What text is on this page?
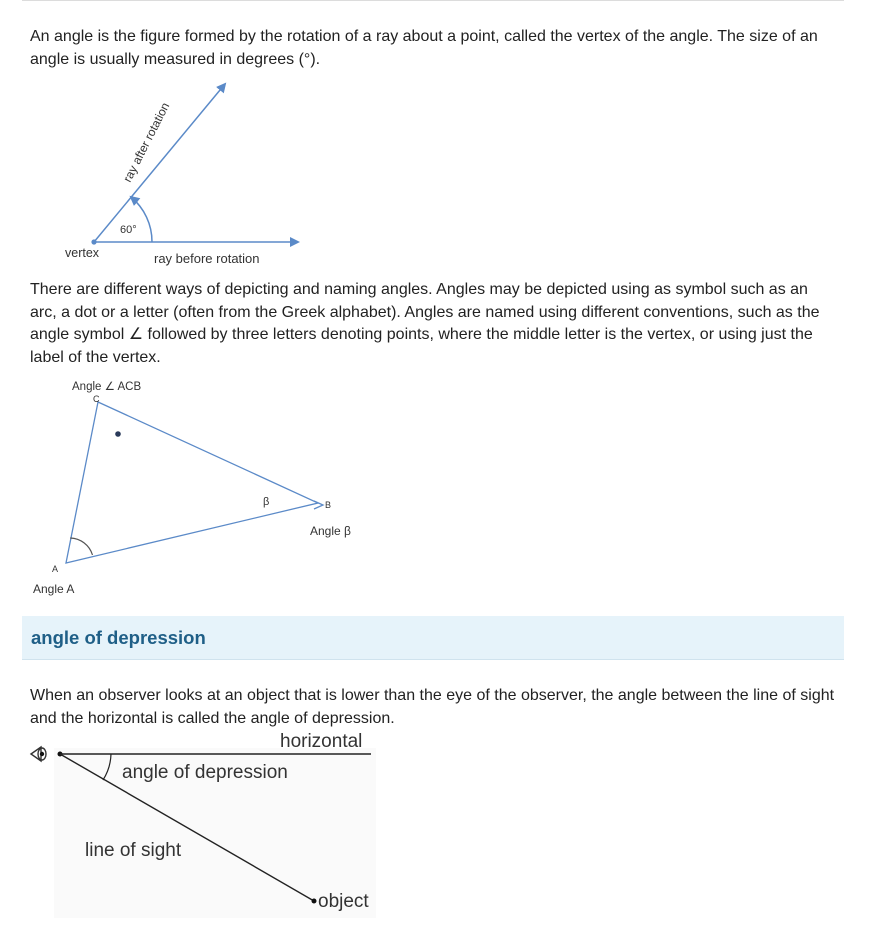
An angle is the figure formed by the rotation of a ray about a point, called the vertex of the angle. The size of an angle is usually measured in degrees (°).

ray after rotation
60°
vertex	ray before rotation

There are different ways of depicting and naming angles. Angles may be depicted using as symbol such as an arc, a dot or a letter (often from the Greek alphabet). Angles are named using different conventions, such as the angle symbol ∠ followed by three letters denoting points, where the middle letter is the vertex, or using just the label of the vertex.

Angle ∠ ACB
C
A
B
β
Angle A
Angle β
angle of depression

When an observer looks at an object that is lower than the eye of the observer, the angle between the line of sight and the horizontal is called the angle of depression.

horizontal
angle of depression
line of sight
object
